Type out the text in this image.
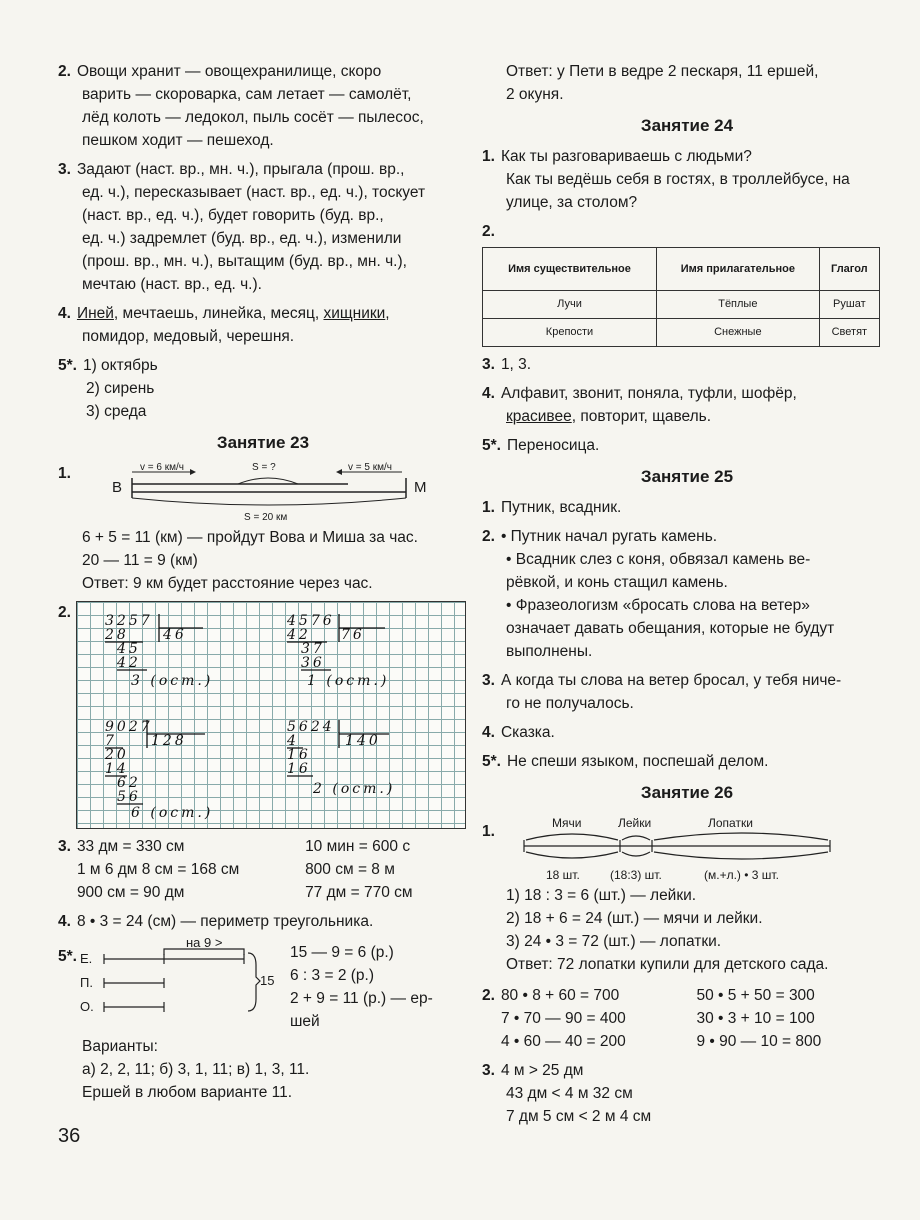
2. Овощи хранит — овощехранилище, скоро

варить — скороварка, сам летает — самолёт,

лёд колоть — ледокол, пыль сосёт — пылесос,

пешком ходит — пешеход.

3. Задают (наст. вр., мн. ч.), прыгала (прош. вр.,

ед. ч.), пересказывает (наст. вр., ед. ч.), тоскует

(наст. вр., ед. ч.), будет говорить (буд. вр.,

ед. ч.) задремлет (буд. вр., ед. ч.), изменили

(прош. вр., мн. ч.), вытащим (буд. вр., мн. ч.),

мечтаю (наст. вр., ед. ч.).

4. Иней, мечтаешь, линейка, месяц, хищники,

помидор, медовый, черешня.

5*. 1) октябрь

2) сирень

3) среда

Занятие 23
1.	v = 6 км/ч	S = ?	v = 5 км/ч
В	М
S = 20 км

6 + 5 = 11 (км) — пройдут Вова и Миша за час.

20 — 11 = 9 (км)

Ответ: 9 км будет расстояние через час.

2. 3257
46
28
45
42
3 (ост.)
4576
76
42
37
36
1 (ост.)
9027
128
7
20
14
62
56
6 (ост.)
5624
140
4
16
16
2 (ост.)
3. 33 дм = 330 см

1 м 6 дм 8 см = 168 см

900 см = 90 дм

10 мин = 600 с

800 см = 8 м

77 дм = 770 см

4. 8 • 3 = 24 (см) — периметр треугольника.

5*. Е.
П.
О.
на 9 >
15

15 — 9 = 6 (р.)

6 : 3 = 2 (р.)

2 + 9 = 11 (р.) — ер-

шей

Варианты:

а) 2, 2, 11; б) 3, 1, 11; в) 1, 3, 11.

Ершей в любом варианте 11.

Ответ: у Пети в ведре 2 пескаря, 11 ершей,

2 окуня.

Занятие 24

1. Как ты разговариваешь с людьми?

Как ты ведёшь себя в гостях, в троллейбусе, на

улице, за столом?

2.

Имя существительное	Имя прилагательное	Глагол
Лучи	Тёплые	Рушат
Крепости	Снежные	Светят

3. 1, 3.

4. Алфавит, звонит, поняла, туфли, шофёр,

красивее, повторит, щавель.

5*. Переносица.

Занятие 25

1. Путник, всадник.

2. • Путник начал ругать камень.

• Всадник слез с коня, обвязал камень ве-

рёвкой, и конь стащил камень.

• Фразеологизм «бросать слова на ветер»

означает давать обещания, которые не будут

выполнены.

3. А когда ты слова на ветер бросал, у тебя ниче-

го не получалось.

4. Сказка.

5*. Не спеши языком, поспешай делом.

Занятие 26
1.	Мячи	Лейки	Лопатки
18 шт.	(18:3) шт.	(м.+л.) • 3 шт.

1) 18 : 3 = 6 (шт.) — лейки.

2) 18 + 6 = 24 (шт.) — мячи и лейки.

3) 24 • 3 = 72 (шт.) — лопатки.

Ответ: 72 лопатки купили для детского сада.

2. 80 • 8 + 60 = 700

7 • 70 — 90 = 400

4 • 60 — 40 = 200

50 • 5 + 50 = 300

30 • 3 + 10 = 100

9 • 90 — 10 = 800

3. 4 м > 25 дм

43 дм < 4 м 32 см

7 дм 5 см < 2 м 4 см

36
